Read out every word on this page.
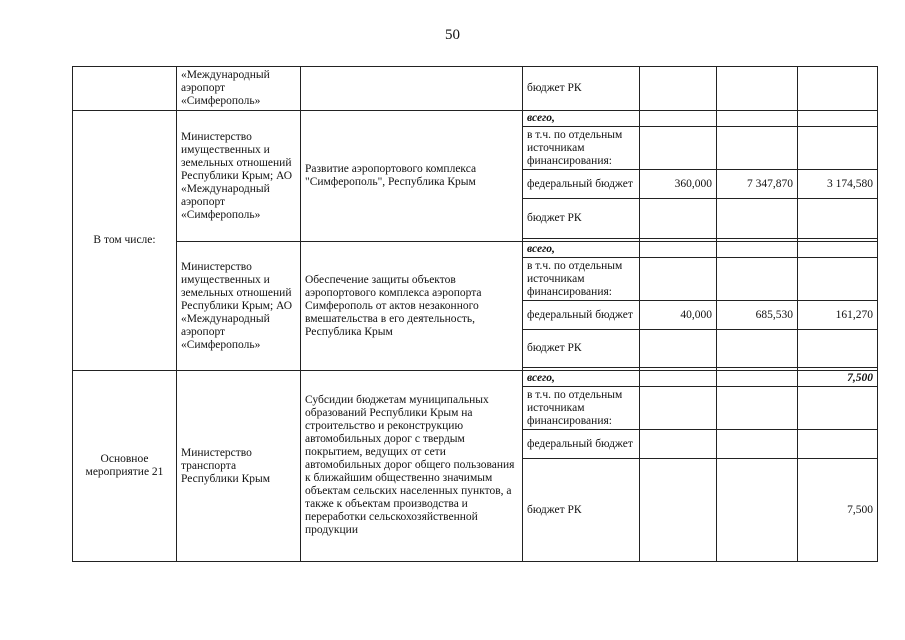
50
	«Международный аэропорт «Симферополь»		бюджет РК			
В том числе:	Министерство имущественных и земельных отношений Республики Крым; АО «Международный аэропорт «Симферополь»	Развитие аэропортового комплекса "Симферополь", Республика Крым	всего,			
			в т.ч. по отдельным источникам финансирования:			
			федеральный бюджет	360,000	7 347,870	3 174,580
			бюджет РК			

	Министерство имущественных и земельных отношений Республики Крым; АО «Международный аэропорт «Симферополь»	Обеспечение защиты объектов аэропортового комплекса аэропорта Симферополь от актов незаконного вмешательства в его деятельность, Республика Крым	всего,			
			в т.ч. по отдельным источникам финансирования:			
			федеральный бюджет	40,000	685,530	161,270
			бюджет РК			

Основное мероприятие 21	Министерство транспорта Республики Крым	Субсидии бюджетам муниципальных образований Республики Крым на строительство и реконструкцию автомобильных дорог с твердым покрытием, ведущих от сети автомобильных дорог общего пользования к ближайшим общественно значимым объектам сельских населенных пунктов, а также к объектам производства и переработки сельскохозяйственной продукции	всего,			7,500
			в т.ч. по отдельным источникам финансирования:			
			федеральный бюджет			
			бюджет РК			7,500
